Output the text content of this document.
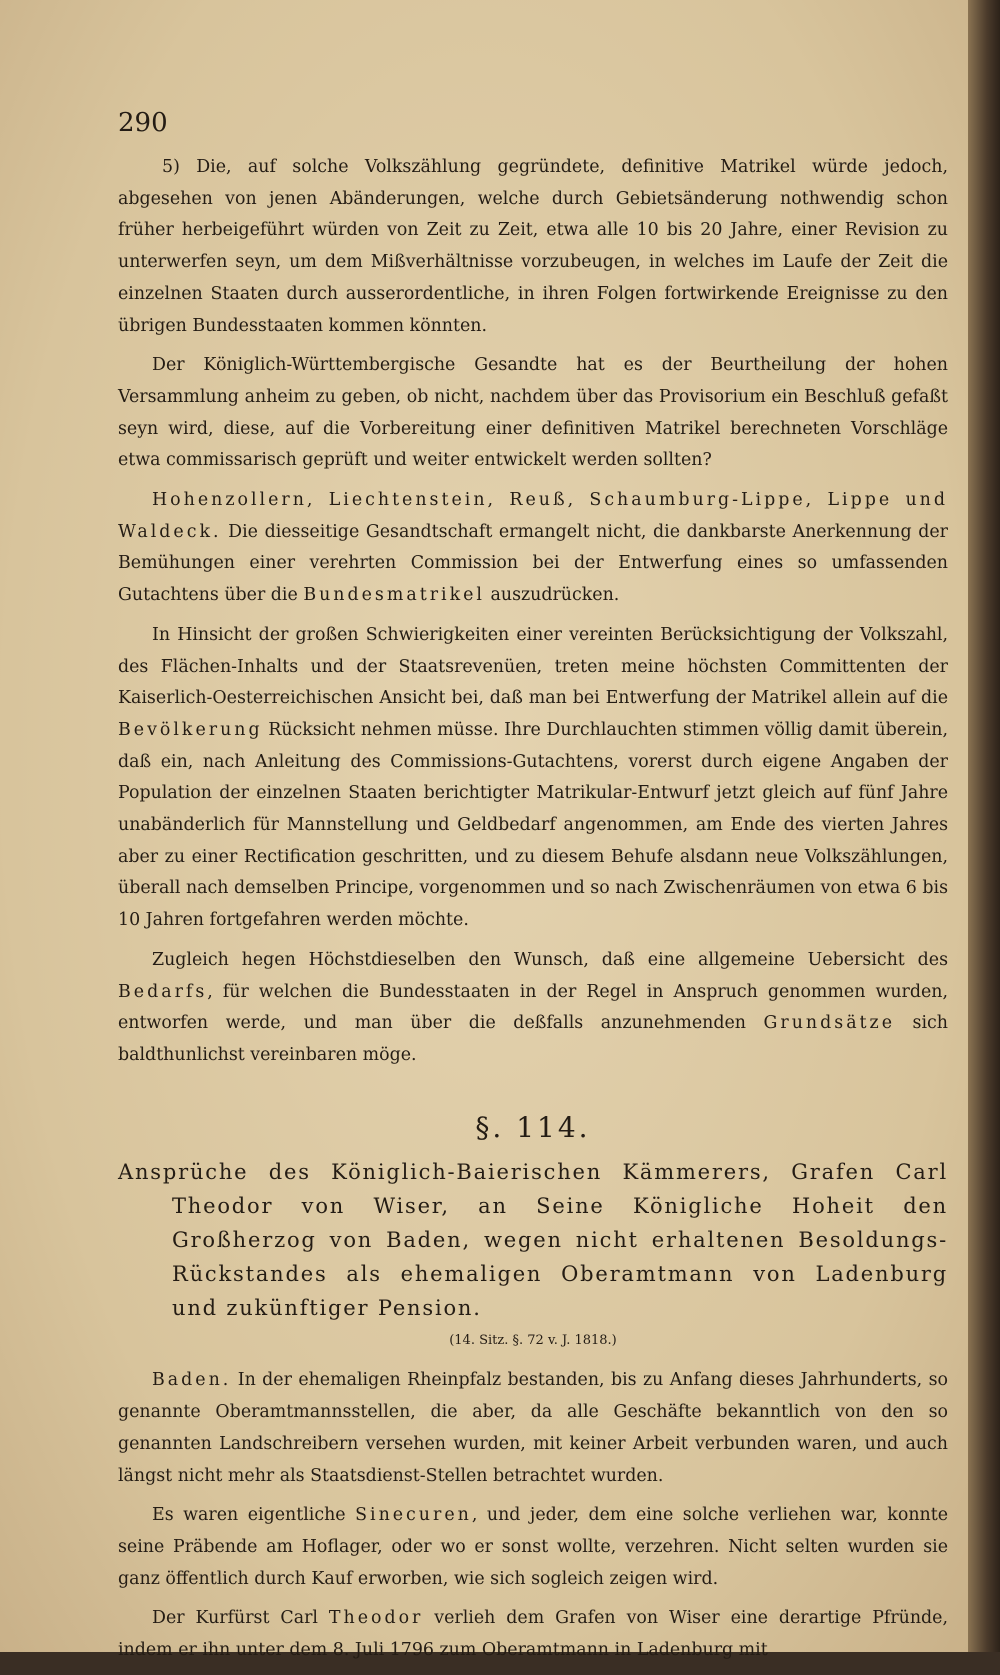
290

5) Die, auf solche Volkszählung gegründete, definitive Matrikel würde jedoch, abgesehen von jenen Abänderungen, welche durch Gebietsänderung nothwendig schon früher herbeigeführt würden von Zeit zu Zeit, etwa alle 10 bis 20 Jahre, einer Revision zu unterwerfen seyn, um dem Mißverhältnisse vorzubeugen, in welches im Laufe der Zeit die einzelnen Staaten durch ausserordentliche, in ihren Folgen fortwirkende Ereignisse zu den übrigen Bundesstaaten kommen könnten.

Der Königlich-Württembergische Gesandte hat es der Beurtheilung der hohen Versammlung anheim zu geben, ob nicht, nachdem über das Provisorium ein Beschluß gefaßt seyn wird, diese, auf die Vorbereitung einer definitiven Matrikel berechneten Vorschläge etwa commissarisch geprüft und weiter entwickelt werden sollten?

Hohenzollern, Liechtenstein, Reuß, Schaumburg-Lippe, Lippe und Waldeck. Die diesseitige Gesandtschaft ermangelt nicht, die dankbarste Anerkennung der Bemühungen einer verehrten Commission bei der Entwerfung eines so umfassenden Gutachtens über die Bundesmatrikel auszudrücken.

In Hinsicht der großen Schwierigkeiten einer vereinten Berücksichtigung der Volkszahl, des Flächen-Inhalts und der Staatsrevenüen, treten meine höchsten Committenten der Kaiserlich-Oesterreichischen Ansicht bei, daß man bei Entwerfung der Matrikel allein auf die Bevölkerung Rücksicht nehmen müsse. Ihre Durchlauchten stimmen völlig damit überein, daß ein, nach Anleitung des Commissions-Gutachtens, vorerst durch eigene Angaben der Population der einzelnen Staaten berichtigter Matrikular-Entwurf jetzt gleich auf fünf Jahre unabänderlich für Mannstellung und Geldbedarf angenommen, am Ende des vierten Jahres aber zu einer Rectification geschritten, und zu diesem Behufe alsdann neue Volkszählungen, überall nach demselben Principe, vorgenommen und so nach Zwischenräumen von etwa 6 bis 10 Jahren fortgefahren werden möchte.

Zugleich hegen Höchstdieselben den Wunsch, daß eine allgemeine Uebersicht des Bedarfs, für welchen die Bundesstaaten in der Regel in Anspruch genommen wurden, entworfen werde, und man über die deßfalls anzunehmenden Grundsätze sich baldthunlichst vereinbaren möge.

§. 114.
Ansprüche des Königlich-Baierischen Kämmerers, Grafen Carl Theodor von Wiser, an Seine Königliche Hoheit den Großherzog von Baden, wegen nicht erhaltenen Besoldungs-Rückstandes als ehemaligen Oberamtmann von Ladenburg und zukünftiger Pension.
(14. Sitz. §. 72 v. J. 1818.)

Baden. In der ehemaligen Rheinpfalz bestanden, bis zu Anfang dieses Jahrhunderts, so genannte Oberamtmannsstellen, die aber, da alle Geschäfte bekanntlich von den so genannten Landschreibern versehen wurden, mit keiner Arbeit verbunden waren, und auch längst nicht mehr als Staatsdienst-Stellen betrachtet wurden.

Es waren eigentliche Sinecuren, und jeder, dem eine solche verliehen war, konnte seine Präbende am Hoflager, oder wo er sonst wollte, verzehren. Nicht selten wurden sie ganz öffentlich durch Kauf erworben, wie sich sogleich zeigen wird.

Der Kurfürst Carl Theodor verlieh dem Grafen von Wiser eine derartige Pfründe, indem er ihn unter dem 8. Juli 1796 zum Oberamtmann in Ladenburg mit
